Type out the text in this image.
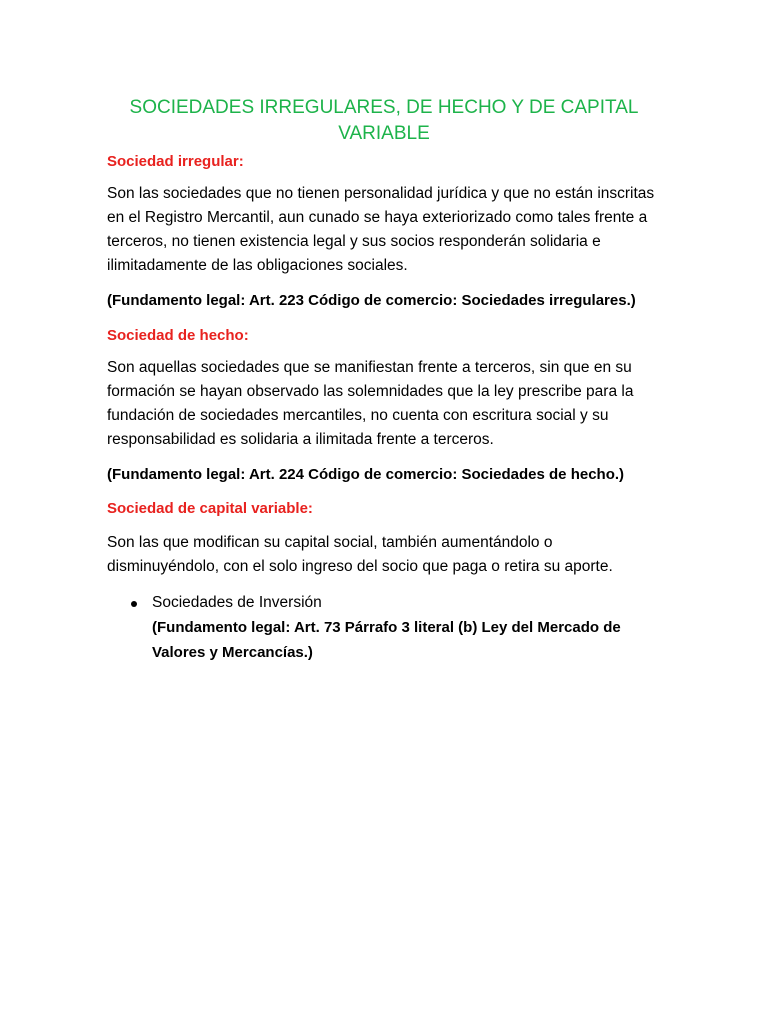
SOCIEDADES IRREGULARES, DE HECHO Y DE CAPITAL VARIABLE
Sociedad irregular:
Son las sociedades que no tienen personalidad jurídica y que no están inscritas en el Registro Mercantil, aun cunado se haya exteriorizado como tales frente a terceros, no tienen existencia legal y sus socios responderán solidaria e ilimitadamente de las obligaciones sociales.
(Fundamento legal: Art. 223 Código de comercio: Sociedades irregulares.)
Sociedad de hecho:
Son aquellas sociedades que se manifiestan frente a terceros, sin que en su formación se hayan observado las solemnidades que la ley prescribe para la fundación de sociedades mercantiles, no cuenta con escritura social y su responsabilidad es solidaria a ilimitada frente a terceros.
(Fundamento legal: Art. 224 Código de comercio: Sociedades de hecho.)
Sociedad de capital variable:
Son las que modifican su capital social, también aumentándolo o disminuyéndolo, con el solo ingreso del socio que paga o retira su aporte.
Sociedades de Inversión
(Fundamento legal: Art. 73 Párrafo 3 literal (b) Ley del Mercado de Valores y Mercancías.)
